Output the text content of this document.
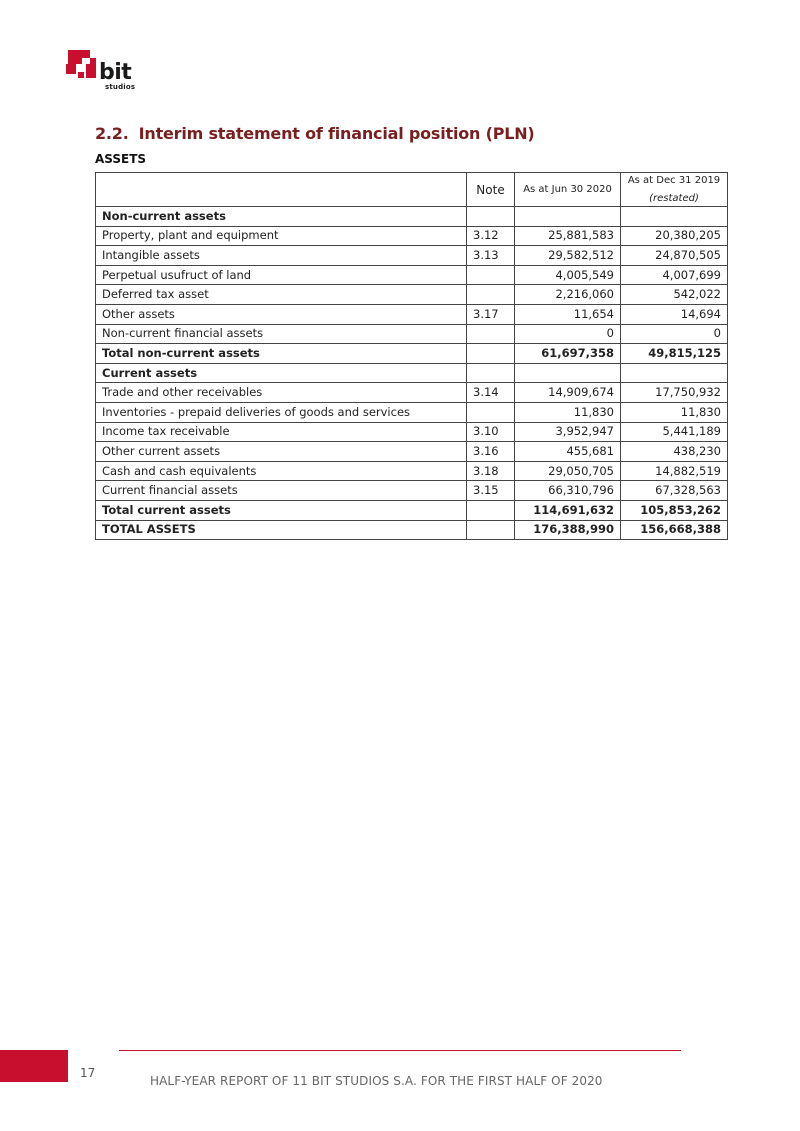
bit
studios
2.2. Interim statement of financial position (PLN)
ASSETS
	Note	As at Jun 30 2020	As at Dec 31 2019
(restated)

Non-current assets			
Property, plant and equipment	3.12	25,881,583	20,380,205
Intangible assets	3.13	29,582,512	24,870,505
Perpetual usufruct of land		4,005,549	4,007,699
Deferred tax asset		2,216,060	542,022
Other assets	3.17	11,654	14,694
Non-current financial assets		0	0
Total non-current assets		61,697,358	49,815,125
Current assets			
Trade and other receivables	3.14	14,909,674	17,750,932
Inventories - prepaid deliveries of goods and services		11,830	11,830
Income tax receivable	3.10	3,952,947	5,441,189
Other current assets	3.16	455,681	438,230
Cash and cash equivalents	3.18	29,050,705	14,882,519
Current financial assets	3.15	66,310,796	67,328,563
Total current assets		114,691,632	105,853,262
TOTAL ASSETS		176,388,990	156,668,388
17
HALF-YEAR REPORT OF 11 BIT STUDIOS S.A. FOR THE FIRST HALF OF 2020
